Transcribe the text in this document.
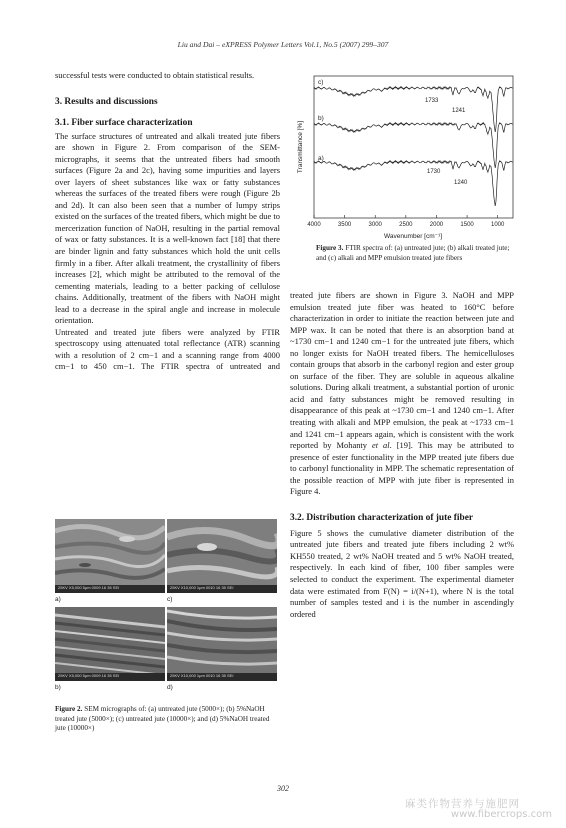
Liu and Dai – eXPRESS Polymer Letters Vol.1, No.5 (2007) 299–307

successful tests were conducted to obtain statistical results.

3. Results and discussions
3.1. Fiber surface characterization

The surface structures of untreated and alkali treated jute fibers are shown in Figure 2. From comparison of the SEM-micrographs, it seems that the untreated fibers had smooth surfaces (Figure 2a and 2c), having some impurities and layers over layers of sheet substances like wax or fatty substances whereas the surfaces of the treated fibers were rough (Figure 2b and 2d). It can also been seen that a number of lumpy strips existed on the surfaces of the treated fibers, which might be due to mercerization function of NaOH, resulting in the partial removal of wax or fatty substances. It is a well-known fact [18] that there are binder lignin and fatty substances which hold the unit cells firmly in a fiber. After alkali treatment, the crystallinity of fibers increases [2], which might be attributed to the removal of the cementing materials, leading to a better packing of cellulose chains. Additionally, treatment of the fibers with NaOH might lead to a decrease in the spiral angle and increase in molecule orientation.

Untreated and treated jute fibers were analyzed by FTIR spectroscopy using attenuated total reflectance (ATR) scanning with a resolution of 2 cm−1 and a scanning range from 4000 cm−1 to 450 cm−1. The FTIR spectra of untreated and

25KV X5,000 5μm 0009 16 35 SEI	25KV X10,000 1μm 0010 16 35 SEI
a)	c)
25KV X5,000 5μm 0009 16 35 SEI	25KV X10,000 1μm 0010 16 35 SEI
b)	d)
Figure 2. SEM micrographs of: (a) untreated jute (5000×); (b) 5%NaOH treated jute (5000×); (c) untreated jute (10000×); and (d) 5%NaOH treated jute (10000×)
4000	3500	3000	2500	2000	1500	1000
c)
b)
a)
1733
1241
1730
1240
Wavenumber [cm⁻¹]
Transmittance [%]
Figure 3. FTIR spectra of: (a) untreated jute; (b) alkali treated jute; and (c) alkali and MPP emulsion treated jute fibers

treated jute fibers are shown in Figure 3. NaOH and MPP emulsion treated jute fiber was heated to 160°C before characterization in order to initiate the reaction between jute and MPP wax. It can be noted that there is an absorption band at ~1730 cm−1 and 1240 cm−1 for the untreated jute fibers, which no longer exists for NaOH treated fibers. The hemicelluloses contain groups that absorb in the carbonyl region and ester group on surface of the fiber. They are soluble in aqueous alkaline solutions. During alkali treatment, a substantial portion of uronic acid and fatty substances might be removed resulting in disappearance of this peak at ~1730 cm−1 and 1240 cm−1. After treating with alkali and MPP emulsion, the peak at ~1733 cm−1 and 1241 cm−1 appears again, which is consistent with the work reported by Mohanty et al. [19]. This may be attributed to presence of ester functionality in the MPP treated jute fibers due to carbonyl functionality in MPP. The schematic representation of the possible reaction of MPP with jute fiber is represented in Figure 4.

3.2. Distribution characterization of jute fiber

Figure 5 shows the cumulative diameter distribution of the untreated jute fibers and treated jute fibers including 2 wt% KH550 treated, 2 wt% NaOH treated and 5 wt% NaOH treated, respectively. In each kind of fiber, 100 fiber samples were selected to conduct the experiment. The experimental diameter data were estimated from F(N) = i/(N+1), where N is the total number of samples tested and i is the number in ascendingly ordered

302
麻类作物营养与施肥网
www.fibercrops.com
